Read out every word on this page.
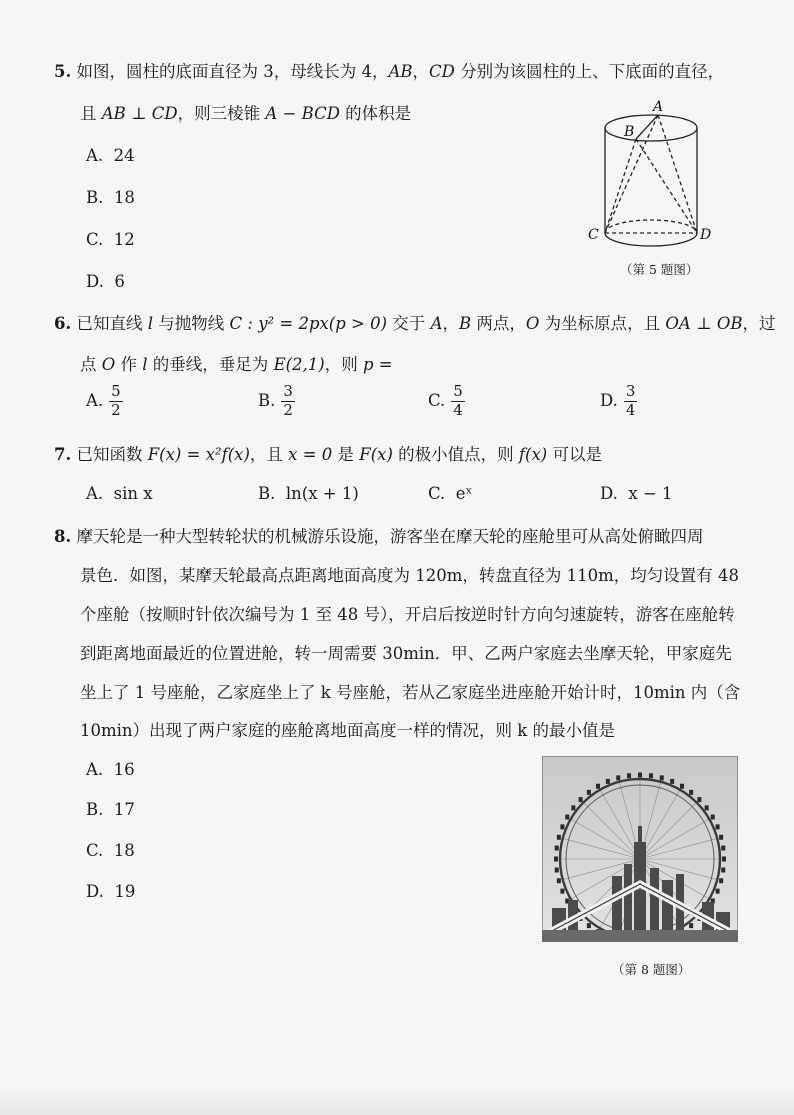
5. 如图，圆柱的底面直径为 3，母线长为 4，AB，CD 分别为该圆柱的上、下底面的直径，
且 AB ⊥ CD，则三棱锥 A − BCD 的体积是
A. 24
B. 18
C. 12
D. 6
A
B
C	D
（第 5 题图）
6. 已知直线 l 与抛物线 C : y² = 2px(p > 0) 交于 A，B 两点，O 为坐标原点，且 OA ⊥ OB，过
点 O 作 l 的垂线，垂足为 E(2,1)，则 p =
A. $\frac{5}{2}$	B. $\frac{3}{2}$	C. $\frac{5}{4}$	D. $\frac{3}{4}$
7. 已知函数 F(x) = x²f(x)，且 x = 0 是 F(x) 的极小值点，则 f(x) 可以是
A. sin x	B. ln(x + 1)	C. eˣ	D. x − 1
8. 摩天轮是一种大型转轮状的机械游乐设施，游客坐在摩天轮的座舱里可从高处俯瞰四周
景色．如图，某摩天轮最高点距离地面高度为 120m，转盘直径为 110m，均匀设置有 48
个座舱（按顺时针依次编号为 1 至 48 号），开启后按逆时针方向匀速旋转，游客在座舱转
到距离地面最近的位置进舱，转一周需要 30min．甲、乙两户家庭去坐摩天轮，甲家庭先
坐上了 1 号座舱，乙家庭坐上了 k 号座舱，若从乙家庭坐进座舱开始计时，10min 内（含
10min）出现了两户家庭的座舱离地面高度一样的情况，则 k 的最小值是
A. 16
B. 17
C. 18
D. 19
（第 8 题图）
